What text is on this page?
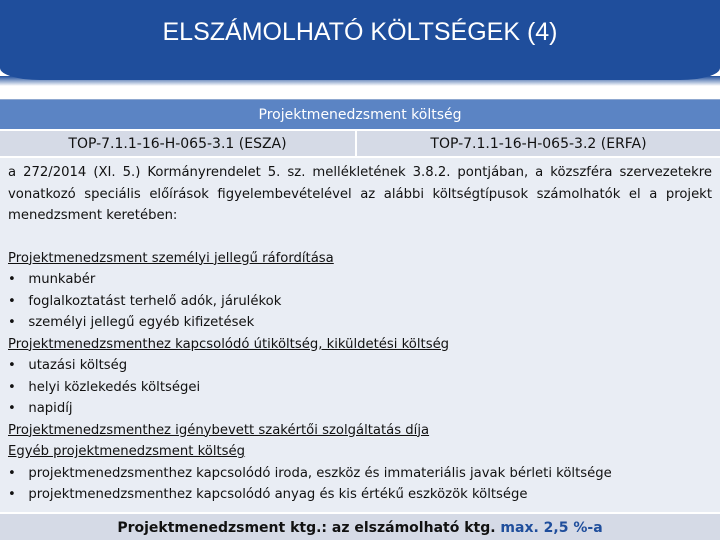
ELSZÁMOLHATÓ KÖLTSÉGEK (4)
Projektmenedzsment költség
TOP-7.1.1-16-H-065-3.1 (ESZA)	TOP-7.1.1-16-H-065-3.2 (ERFA)
a 272/2014 (XI. 5.) Kormányrendelet 5. sz. mellékletének 3.8.2. pontjában, a közszféra szervezetekre vonatkozó speciális előírások figyelembevételével az alábbi költségtípusok számolhatók el a projekt menedzsment keretében:
Projektmenedzsment személyi jellegű ráfordítása
• munkabér
• foglalkoztatást terhelő adók, járulékok
• személyi jellegű egyéb kifizetések
Projektmenedzsmenthez kapcsolódó útiköltség, kiküldetési költség
• utazási költség
• helyi közlekedés költségei
• napidíj
Projektmenedzsmenthez igénybevett szakértői szolgáltatás díja
Egyéb projektmenedzsment költség
• projektmenedzsmenthez kapcsolódó iroda, eszköz és immateriális javak bérleti költsége
• projektmenedzsmenthez kapcsolódó anyag és kis értékű eszközök költsége
Projektmenedzsment ktg.: az elszámolható ktg. max. 2,5 %-a
